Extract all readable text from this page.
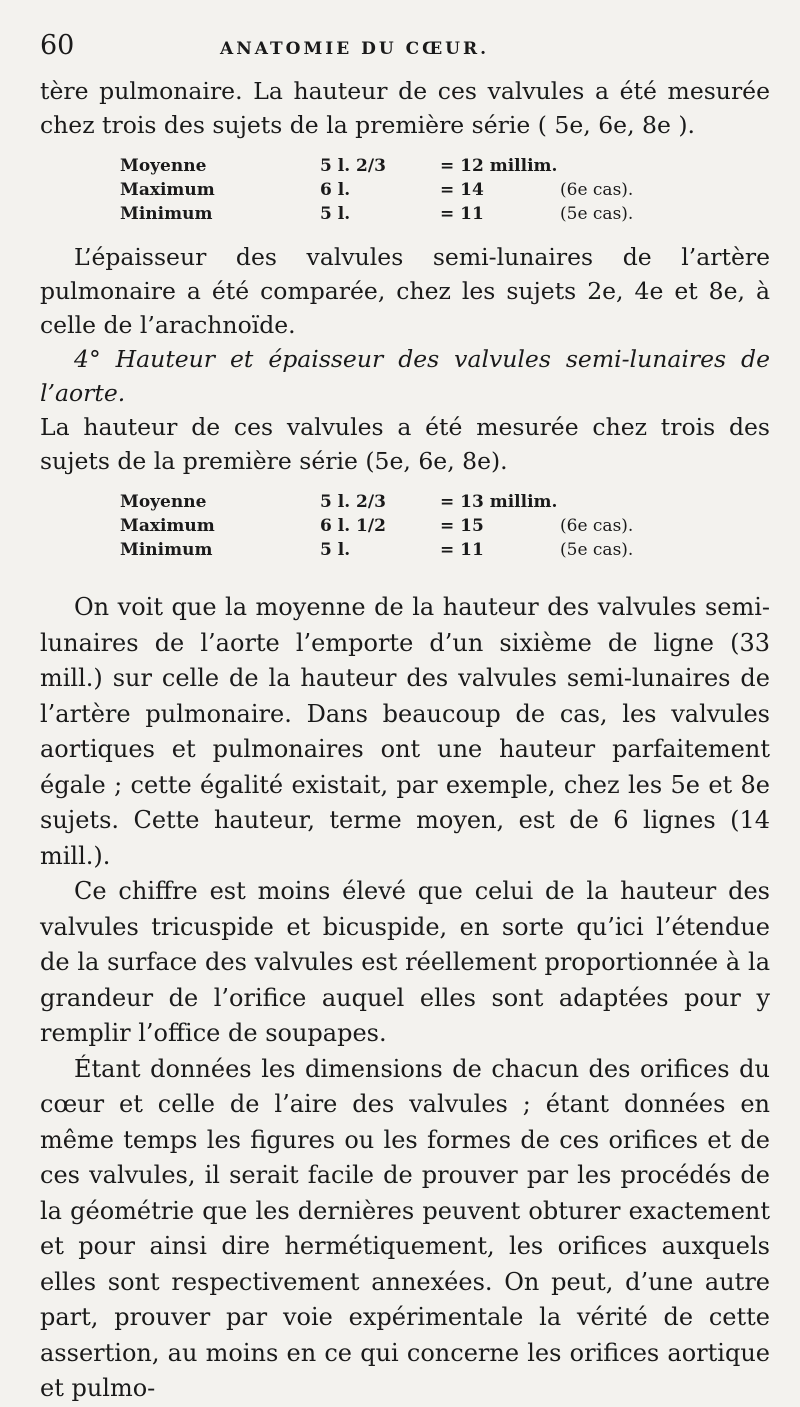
60	ANATOMIE DU CŒUR.

tère pulmonaire. La hauteur de ces valvules a été mesurée chez trois des sujets de la première série ( 5e, 6e, 8e ).

Moyenne	5 l. 2/3	= 12 millim.
Maximum	6 l.	= 14	(6e cas).
Minimum	5 l.	= 11	(5e cas).

L’épaisseur des valvules semi-lunaires de l’artère pulmonaire a été comparée, chez les sujets 2e, 4e et 8e, à celle de l’arachnoïde.

4° Hauteur et épaisseur des valvules semi-lunaires de l’aorte.

La hauteur de ces valvules a été mesurée chez trois des sujets de la première série (5e, 6e, 8e).

Moyenne	5 l. 2/3	= 13 millim.
Maximum	6 l. 1/2	= 15	(6e cas).
Minimum	5 l.	= 11	(5e cas).

On voit que la moyenne de la hauteur des valvules semi-lunaires de l’aorte l’emporte d’un sixième de ligne (33 mill.) sur celle de la hauteur des valvules semi-lunaires de l’artère pulmonaire. Dans beaucoup de cas, les valvules aortiques et pulmonaires ont une hauteur parfaitement égale ; cette égalité existait, par exemple, chez les 5e et 8e sujets. Cette hauteur, terme moyen, est de 6 lignes (14 mill.).

Ce chiffre est moins élevé que celui de la hauteur des valvules tricuspide et bicuspide, en sorte qu’ici l’étendue de la surface des valvules est réellement proportionnée à la grandeur de l’orifice auquel elles sont adaptées pour y remplir l’office de soupapes.

Étant données les dimensions de chacun des orifices du cœur et celle de l’aire des valvules ; étant données en même temps les figures ou les formes de ces orifices et de ces valvules, il serait facile de prouver par les procédés de la géométrie que les dernières peuvent obturer exactement et pour ainsi dire hermétiquement, les orifices auxquels elles sont respectivement annexées. On peut, d’une autre part, prouver par voie expérimentale la vérité de cette assertion, au moins en ce qui concerne les orifices aortique et pulmo-
